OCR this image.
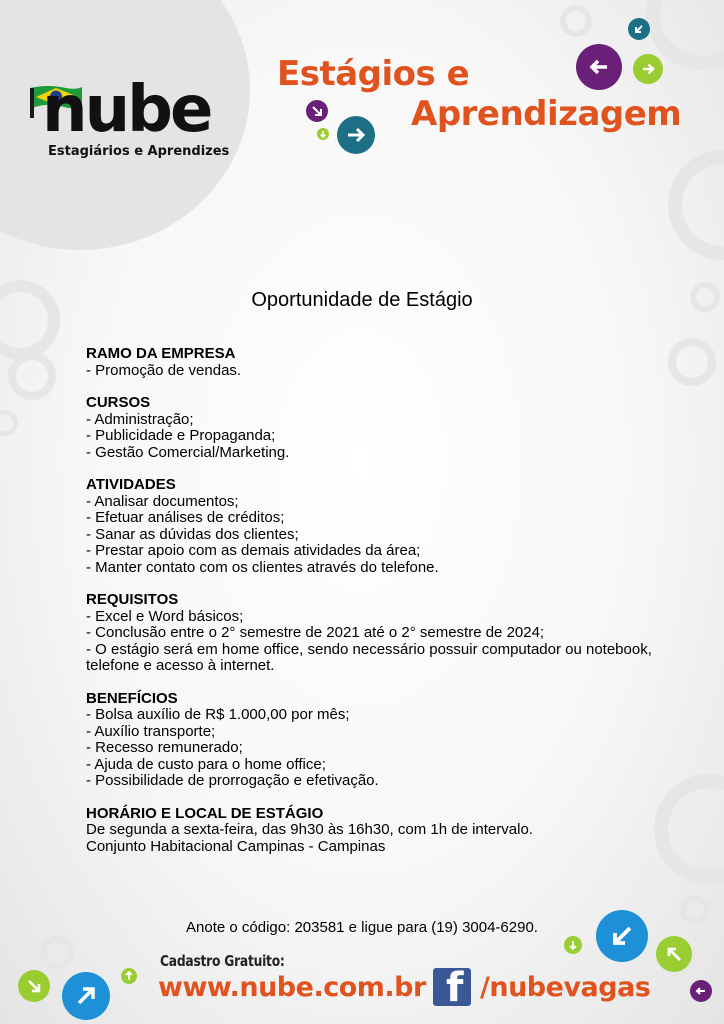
nube
Estagiários e Aprendizes
Estágios e
Aprendizagem
Oportunidade de Estágio
RAMO DA EMPRESA
- Promoção de vendas.
CURSOS
- Administração;
- Publicidade e Propaganda;
- Gestão Comercial/Marketing.
ATIVIDADES
- Analisar documentos;
- Efetuar análises de créditos;
- Sanar as dúvidas dos clientes;
- Prestar apoio com as demais atividades da área;
- Manter contato com os clientes através do telefone.
REQUISITOS
- Excel e Word básicos;
- Conclusão entre o 2° semestre de 2021 até o 2° semestre de 2024;
- O estágio será em home office, sendo necessário possuir computador ou notebook, telefone e acesso à internet.
BENEFÍCIOS
- Bolsa auxílio de R$ 1.000,00 por mês;
- Auxílio transporte;
- Recesso remunerado;
- Ajuda de custo para o home office;
- Possibilidade de prorrogação e efetivação.
HORÁRIO E LOCAL DE ESTÁGIO
De segunda a sexta-feira, das 9h30 às 16h30, com 1h de intervalo.
Conjunto Habitacional Campinas - Campinas
Anote o código: 203581 e ligue para (19) 3004-6290.
Cadastro Gratuito:
www.nube.com.br f /nubevagas
